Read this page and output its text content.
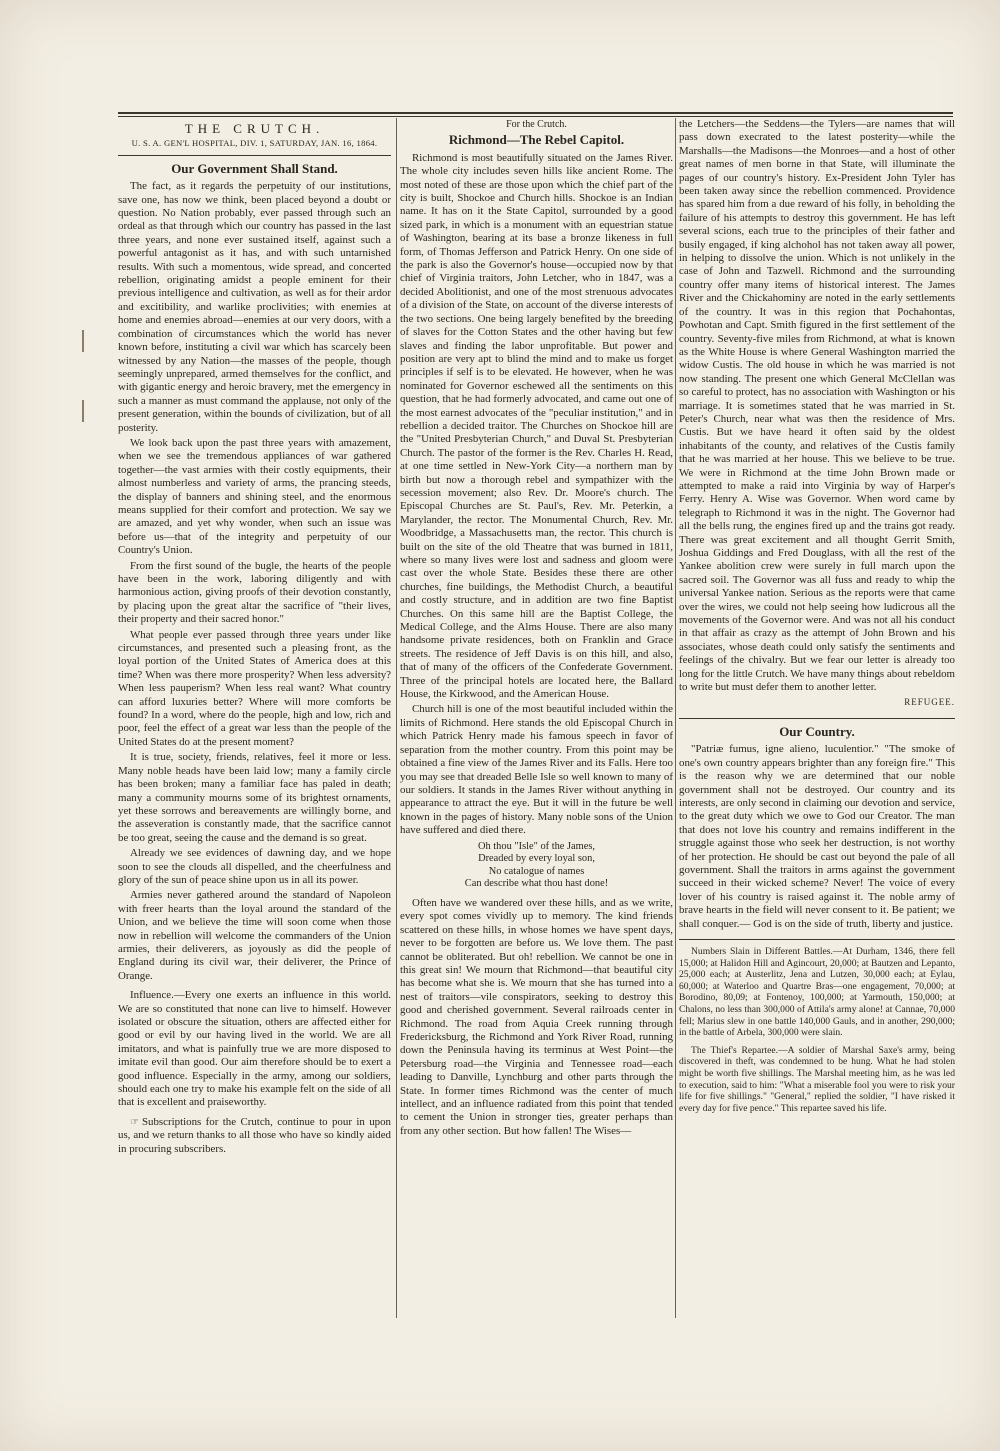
THE CRUTCH.
U. S. A. GEN'L HOSPITAL, DIV. 1, SATURDAY, JAN. 16, 1864.
Our Government Shall Stand.

The fact, as it regards the perpetuity of our institutions, save one, has now we think, been placed beyond a doubt or question. No Nation probably, ever passed through such an ordeal as that through which our country has passed in the last three years, and none ever sustained itself, against such a powerful antagonist as it has, and with such untarnished results. With such a momentous, wide spread, and concerted rebellion, originating amidst a people eminent for their previous intelligence and cultivation, as well as for their ardor and excitibility, and warlike proclivities; with enemies at home and enemies abroad—enemies at our very doors, with a combination of circumstances which the world has never known before, instituting a civil war which has scarcely been witnessed by any Nation—the masses of the people, though seemingly unprepared, armed themselves for the conflict, and with gigantic energy and heroic bravery, met the emergency in such a manner as must command the applause, not only of the present generation, within the bounds of civilization, but of all posterity.

We look back upon the past three years with amazement, when we see the tremendous appliances of war gathered together—the vast armies with their costly equipments, their almost numberless and variety of arms, the prancing steeds, the display of banners and shining steel, and the enormous means supplied for their comfort and protection. We say we are amazed, and yet why wonder, when such an issue was before us—that of the integrity and perpetuity of our Country's Union.

From the first sound of the bugle, the hearts of the people have been in the work, laboring diligently and with harmonious action, giving proofs of their devotion constantly, by placing upon the great altar the sacrifice of "their lives, their property and their sacred honor."

What people ever passed through three years under like circumstances, and presented such a pleasing front, as the loyal portion of the United States of America does at this time? When was there more prosperity? When less adversity? When less pauperism? When less real want? What country can afford luxuries better? Where will more comforts be found? In a word, where do the people, high and low, rich and poor, feel the effect of a great war less than the people of the United States do at the present moment?

It is true, society, friends, relatives, feel it more or less. Many noble heads have been laid low; many a family circle has been broken; many a familiar face has paled in death; many a community mourns some of its brightest ornaments, yet these sorrows and bereavements are willingly borne, and the asseveration is constantly made, that the sacrifice cannot be too great, seeing the cause and the demand is so great.

Already we see evidences of dawning day, and we hope soon to see the clouds all dispelled, and the cheerfulness and glory of the sun of peace shine upon us in all its power.

Armies never gathered around the standard of Napoleon with freer hearts than the loyal around the standard of the Union, and we believe the time will soon come when those now in rebellion will welcome the commanders of the Union armies, their deliverers, as joyously as did the people of England during its civil war, their deliverer, the Prince of Orange.

Influence.—Every one exerts an influence in this world. We are so constituted that none can live to himself. However isolated or obscure the situation, others are affected either for good or evil by our having lived in the world. We are all imitators, and what is painfully true we are more disposed to imitate evil than good. Our aim therefore should be to exert a good influence. Especially in the army, among our soldiers, should each one try to make his example felt on the side of all that is excellent and praiseworthy.

☞ Subscriptions for the Crutch, continue to pour in upon us, and we return thanks to all those who have so kindly aided in procuring subscribers.

For the Crutch.

Richmond—The Rebel Capitol.

Richmond is most beautifully situated on the James River. The whole city includes seven hills like ancient Rome. The most noted of these are those upon which the chief part of the city is built, Shockoe and Church hills. Shockoe is an Indian name. It has on it the State Capitol, surrounded by a good sized park, in which is a monument with an equestrian statue of Washington, bearing at its base a bronze likeness in full form, of Thomas Jefferson and Patrick Henry. On one side of the park is also the Governor's house—occupied now by that chief of Virginia traitors, John Letcher, who in 1847, was a decided Abolitionist, and one of the most strenuous advocates of a division of the State, on account of the diverse interests of the two sections. One being largely benefited by the breeding of slaves for the Cotton States and the other having but few slaves and finding the labor unprofitable. But power and position are very apt to blind the mind and to make us forget principles if self is to be elevated. He however, when he was nominated for Governor eschewed all the sentiments on this question, that he had formerly advocated, and came out one of the most earnest advocates of the "peculiar institution," and in rebellion a decided traitor. The Churches on Shockoe hill are the "United Presbyterian Church," and Duval St. Presbyterian Church. The pastor of the former is the Rev. Charles H. Read, at one time settled in New-York City—a northern man by birth but now a thorough rebel and sympathizer with the secession movement; also Rev. Dr. Moore's church. The Episcopal Churches are St. Paul's, Rev. Mr. Peterkin, a Marylander, the rector. The Monumental Church, Rev. Mr. Woodbridge, a Massachusetts man, the rector. This church is built on the site of the old Theatre that was burned in 1811, where so many lives were lost and sadness and gloom were cast over the whole State. Besides these there are other churches, fine buildings, the Methodist Church, a beautiful and costly structure, and in addition are two fine Baptist Churches. On this same hill are the Baptist College, the Medical College, and the Alms House. There are also many handsome private residences, both on Franklin and Grace streets. The residence of Jeff Davis is on this hill, and also, that of many of the officers of the Confederate Government. Three of the principal hotels are located here, the Ballard House, the Kirkwood, and the American House.

Church hill is one of the most beautiful included within the limits of Richmond. Here stands the old Episcopal Church in which Patrick Henry made his famous speech in favor of separation from the mother country. From this point may be obtained a fine view of the James River and its Falls. Here too you may see that dreaded Belle Isle so well known to many of our soldiers. It stands in the James River without anything in appearance to attract the eye. But it will in the future be well known in the pages of history. Many noble sons of the Union have suffered and died there.

Oh thou "Isle" of the James,
Dreaded by every loyal son,
No catalogue of names
Can describe what thou hast done!

Often have we wandered over these hills, and as we write, every spot comes vividly up to memory. The kind friends scattered on these hills, in whose homes we have spent days, never to be forgotten are before us. We love them. The past cannot be obliterated. But oh! rebellion. We cannot be one in this great sin! We mourn that Richmond—that beautiful city has become what she is. We mourn that she has turned into a nest of traitors—vile conspirators, seeking to destroy this good and cherished government. Several railroads center in Richmond. The road from Aquia Creek running through Fredericksburg, the Richmond and York River Road, running down the Peninsula having its terminus at West Point—the Petersburg road—the Virginia and Tennessee road—each leading to Danville, Lynchburg and other parts through the State. In former times Richmond was the center of much intellect, and an influence radiated from this point that tended to cement the Union in stronger ties, greater perhaps than from any other section. But how fallen! The Wises—

the Letchers—the Seddens—the Tylers—are names that will pass down execrated to the latest posterity—while the Marshalls—the Madisons—the Monroes—and a host of other great names of men borne in that State, will illuminate the pages of our country's history. Ex-President John Tyler has been taken away since the rebellion commenced. Providence has spared him from a due reward of his folly, in beholding the failure of his attempts to destroy this government. He has left several scions, each true to the principles of their father and busily engaged, if king alchohol has not taken away all power, in helping to dissolve the union. Which is not unlikely in the case of John and Tazwell. Richmond and the surrounding country offer many items of historical interest. The James River and the Chickahominy are noted in the early settlements of the country. It was in this region that Pochahontas, Powhotan and Capt. Smith figured in the first settlement of the country. Seventy-five miles from Richmond, at what is known as the White House is where General Washington married the widow Custis. The old house in which he was married is not now standing. The present one which General McClellan was so careful to protect, has no association with Washington or his marriage. It is sometimes stated that he was married in St. Peter's Church, near what was then the residence of Mrs. Custis. But we have heard it often said by the oldest inhabitants of the county, and relatives of the Custis family that he was married at her house. This we believe to be true. We were in Richmond at the time John Brown made or attempted to make a raid into Virginia by way of Harper's Ferry. Henry A. Wise was Governor. When word came by telegraph to Richmond it was in the night. The Governor had all the bells rung, the engines fired up and the trains got ready. There was great excitement and all thought Gerrit Smith, Joshua Giddings and Fred Douglass, with all the rest of the Yankee abolition crew were surely in full march upon the sacred soil. The Governor was all fuss and ready to whip the universal Yankee nation. Serious as the reports were that came over the wires, we could not help seeing how ludicrous all the movements of the Governor were. And was not all his conduct in that affair as crazy as the attempt of John Brown and his associates, whose death could only satisfy the sentiments and feelings of the chivalry. But we fear our letter is already too long for the little Crutch. We have many things about rebeldom to write but must defer them to another letter.

REFUGEE.
Our Country.

"Patriæ fumus, igne alieno, luculentior." "The smoke of one's own country appears brighter than any foreign fire." This is the reason why we are determined that our noble government shall not be destroyed. Our country and its interests, are only second in claiming our devotion and service, to the great duty which we owe to God our Creator. The man that does not love his country and remains indifferent in the struggle against those who seek her destruction, is not worthy of her protection. He should be cast out beyond the pale of all government. Shall the traitors in arms against the government succeed in their wicked scheme? Never! The voice of every lover of his country is raised against it. The noble army of brave hearts in the field will never consent to it. Be patient; we shall conquer.— God is on the side of truth, liberty and justice.

Numbers Slain in Different Battles.—At Durham, 1346, there fell 15,000; at Halidon Hill and Agincourt, 20,000; at Bautzen and Lepanto, 25,000 each; at Austerlitz, Jena and Lutzen, 30,000 each; at Eylau, 60,000; at Waterloo and Quartre Bras—one engagement, 70,000; at Borodino, 80,09; at Fontenoy, 100,000; at Yarmouth, 150,000; at Chalons, no less than 300,000 of Attila's army alone! at Cannae, 70,000 fell; Marius slew in one battle 140,000 Gauls, and in another, 290,000; in the battle of Arbela, 300,000 were slain.

The Thief's Repartee.—A soldier of Marshal Saxe's army, being discovered in theft, was condemned to be hung. What he had stolen might be worth five shillings. The Marshal meeting him, as he was led to execution, said to him: "What a miserable fool you were to risk your life for five shillings." "General," replied the soldier, "I have risked it every day for five pence." This repartee saved his life.
